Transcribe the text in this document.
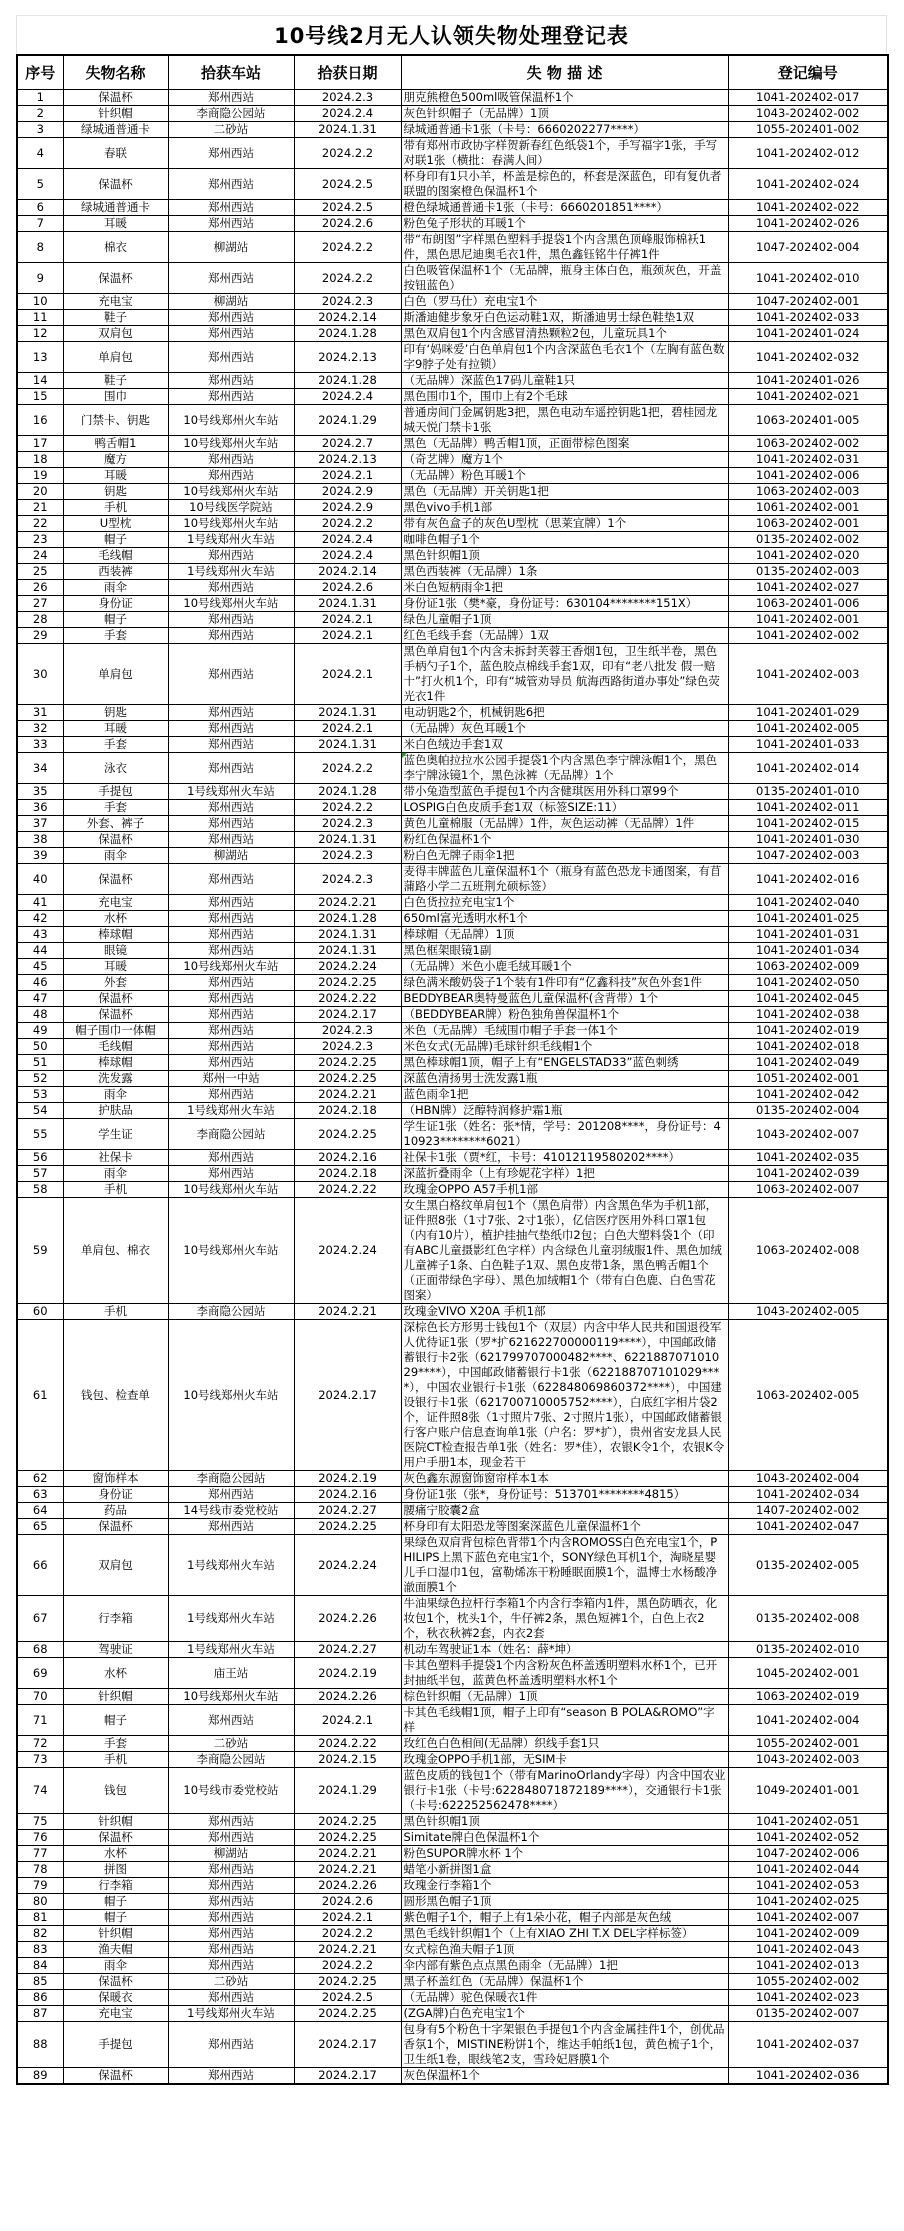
10号线2月无人认领失物处理登记表
序号	失物名称	拾获车站	拾获日期	失 物 描 述	登记编号
1	保温杯	郑州西站	2024.2.3	朋克熊橙色500ml吸管保温杯1个	1041-202402-017
2	针织帽	李商隐公园站	2024.2.4	灰色针织帽子（无品牌）1顶	1043-202402-002
3	绿城通普通卡	二砂站	2024.1.31	绿城通普通卡1张（卡号：6660202277****）	1055-202401-002
4	春联	郑州西站	2024.2.2	带有郑州市政协字样贺新春红色纸袋1个，手写福字1张，手写对联1张（横批：春满人间）	1041-202402-012
5	保温杯	郑州西站	2024.2.5	杯身印有1只小羊，杯盖是棕色的，杯套是深蓝色，印有复仇者联盟的图案橙色保温杯1个	1041-202402-024
6	绿城通普通卡	郑州西站	2024.2.5	橙色绿城通普通卡1张（卡号：6660201851****）	1041-202402-022
7	耳暖	郑州西站	2024.2.6	粉色兔子形状的耳暖1个	1041-202402-026
8	棉衣	柳湖站	2024.2.2	带“布朗图”字样黑色塑料手提袋1个内含黑色顶峰服饰棉袄1件，黑色思尼迪奥毛衣1件，黑色鑫钰铭牛仔裤1件	1047-202402-004
9	保温杯	郑州西站	2024.2.2	白色吸管保温杯1个（无品牌，瓶身主体白色，瓶颈灰色，开盖按钮蓝色）	1041-202402-010
10	充电宝	柳湖站	2024.2.3	白色（罗马仕）充电宝1个	1047-202402-001
11	鞋子	郑州西站	2024.2.14	斯潘迪健步象牙白色运动鞋1双，斯潘迪男士绿色鞋垫1双	1041-202402-033
12	双肩包	郑州西站	2024.1.28	黑色双肩包1个内含感冒清热颗粒2包，儿童玩具1个	1041-202401-024
13	单肩包	郑州西站	2024.2.13	印有‘妈咪爱’白色单肩包1个内含深蓝色毛衣1个（左胸有蓝色数字9脖子处有拉锁）	1041-202402-032
14	鞋子	郑州西站	2024.1.28	（无品牌）深蓝色17码儿童鞋1只	1041-202401-026
15	围巾	郑州西站	2024.2.4	黑色围巾1个，围巾上有2个毛球	1041-202402-021
16	门禁卡、钥匙	10号线郑州火车站	2024.1.29	普通房间门金属钥匙3把，黑色电动车遥控钥匙1把，碧桂园龙城天悦门禁卡1张	1063-202401-005
17	鸭舌帽1	10号线郑州火车站	2024.2.7	黑色（无品牌）鸭舌帽1顶，正面带棕色图案	1063-202402-002
18	魔方	郑州西站	2024.2.13	（奇艺牌）魔方1个	1041-202402-031
19	耳暖	郑州西站	2024.2.1	（无品牌）粉色耳暖1个	1041-202402-006
20	钥匙	10号线郑州火车站	2024.2.9	黑色（无品牌）开关钥匙1把	1063-202402-003
21	手机	10号线医学院站	2024.2.9	黑色vivo手机1部	1061-202402-001
22	U型枕	10号线郑州火车站	2024.2.2	带有灰色盒子的灰色U型枕（思莱宜牌）1个	1063-202402-001
23	帽子	1号线郑州火车站	2024.2.4	咖啡色帽子1个	0135-202402-002
24	毛线帽	郑州西站	2024.2.4	黑色针织帽1顶	1041-202402-020
25	西装裤	1号线郑州火车站	2024.2.14	黑色西装裤（无品牌）1条	0135-202402-003
26	雨伞	郑州西站	2024.2.6	米白色短柄雨伞1把	1041-202402-027
27	身份证	10号线郑州火车站	2024.1.31	身份证1张（樊*豪，身份证号：630104********151X）	1063-202401-006
28	帽子	郑州西站	2024.2.1	绿色儿童帽子1顶	1041-202402-001
29	手套	郑州西站	2024.2.1	红色毛线手套（无品牌）1双	1041-202402-002
30	单肩包	郑州西站	2024.2.1	黑色单肩包1个内含未拆封芙蓉王香烟1包，卫生纸半卷，黑色手柄勺子1个，蓝色胶点棉线手套1双，印有“老八批发 假一赔十”打火机1个，印有“城管劝导员 航海西路街道办事处”绿色荧光衣1件	1041-202402-003
31	钥匙	郑州西站	2024.1.31	电动钥匙2个，机械钥匙6把	1041-202401-029
32	耳暖	郑州西站	2024.2.1	（无品牌）灰色耳暖1个	1041-202402-005
33	手套	郑州西站	2024.1.31	米白色绒边手套1双	1041-202401-033
34	泳衣	郑州西站	2024.2.2	蓝色奥帕拉拉水公园手提袋1个内含黑色李宁牌泳帽1个，黑色李宁牌泳镜1个，黑色泳裤（无品牌）1个	1041-202402-014
35	手提包	1号线郑州火车站	2024.1.28	带小兔造型蓝色手提包1个内含健琪医用外科口罩99个	0135-202401-010
36	手套	郑州西站	2024.2.2	LOSPIG白色皮质手套1双（标签SIZE:11）	1041-202402-011
37	外套、裤子	郑州西站	2024.2.3	黄色儿童棉服（无品牌）1件，灰色运动裤（无品牌）1件	1041-202402-015
38	保温杯	郑州西站	2024.1.31	粉红色保温杯1个	1041-202401-030
39	雨伞	柳湖站	2024.2.3	粉白色无牌子雨伞1把	1047-202402-003
40	保温杯	郑州西站	2024.2.3	麦得丰牌蓝色儿童保温杯1个（瓶身有蓝色恐龙卡通图案，有苜蒲路小学二五班荆允硕标签）	1041-202402-016
41	充电宝	郑州西站	2024.2.21	白色货拉拉充电宝1个	1041-202402-040
42	水杯	郑州西站	2024.1.28	650ml富光透明水杯1个	1041-202401-025
43	棒球帽	郑州西站	2024.1.31	棒球帽（无品牌）1顶	1041-202401-031
44	眼镜	郑州西站	2024.1.31	黑色框架眼镜1副	1041-202401-034
45	耳暖	10号线郑州火车站	2024.2.24	（无品牌）米色小鹿毛绒耳暖1个	1063-202402-009
46	外套	郑州西站	2024.2.25	绿色满米酸奶袋子1个装有1件印有“亿鑫科技”灰色外套1件	1041-202402-050
47	保温杯	郑州西站	2024.2.22	BEDDYBEAR奥特曼蓝色儿童保温杯(含背带）1个	1041-202402-045
48	保温杯	郑州西站	2024.2.17	（BEDDYBEAR牌）粉色独角兽保温杯1个	1041-202402-038
49	帽子围巾一体帽	郑州西站	2024.2.3	米色（无品牌）毛绒围巾帽子手套一体1个	1041-202402-019
50	毛线帽	郑州西站	2024.2.3	米色女式(无品牌)毛球针织毛线帽1个	1041-202402-018
51	棒球帽	郑州西站	2024.2.25	黑色棒球帽1顶，帽子上有“ENGELSTAD33”蓝色刺绣	1041-202402-049
52	洗发露	郑州一中站	2024.2.25	深蓝色清扬男士洗发露1瓶	1051-202402-001
53	雨伞	郑州西站	2024.2.21	蓝色雨伞1把	1041-202402-042
54	护肤品	1号线郑州火车站	2024.2.18	（HBN牌）泛醇特润修护霜1瓶	0135-202402-004
55	学生证	李商隐公园站	2024.2.25	学生证1张（姓名：张*情，学号：201208****，身份证号：410923********6021）	1043-202402-007
56	社保卡	郑州西站	2024.2.16	社保卡1张（贾*红，卡号：41012119580202****）	1041-202402-035
57	雨伞	郑州西站	2024.2.18	深蓝折叠雨伞（上有珍妮花字样）1把	1041-202402-039
58	手机	10号线郑州火车站	2024.2.22	玫瑰金OPPO A57手机1部	1063-202402-007
59	单肩包、棉衣	10号线郑州火车站	2024.2.24	女生黑白格纹单肩包1个（黑色肩带）内含黑色华为手机1部，证件照8张（1寸7张、2寸1张），亿信医疗医用外科口罩1包（内有10片），植护挂抽气垫纸巾2包；白色大塑料袋1个（印有ABC儿童摄影红色字样）内含绿色儿童羽绒服1件、黑色加绒儿童裤子1条、白色鞋子1双、黑色皮带1条，黑色鸭舌帽1个（正面带绿色字母）、黑色加绒帽1个（带有白色鹿、白色雪花图案）	1063-202402-008
60	手机	李商隐公园站	2024.2.21	玫瑰金VIVO X20A 手机1部	1043-202402-005
61	钱包、检查单	10号线郑州火车站	2024.2.17	深棕色长方形男士钱包1个（双层）内含中华人民共和国退役军人优待证1张（罗*扩621622700000119****），中国邮政储蓄银行卡2张（621799707000482****、622188707101029****），中国邮政储蓄银行卡1张（622188707101029****），中国农业银行卡1张（622848069860372****），中国建设银行卡1张（621700710005752****），白底红字相片袋2个，证件照8张（1寸照片7张、2寸照片1张），中国邮政储蓄银行客户账户信息查询单1张（户名：罗*扩），贵州省安龙县人民医院CT检查报告单1张（姓名：罗*佳），农银K令1个，农银K令用户手册1本，现金若干	1063-202402-005
62	窗饰样本	李商隐公园站	2024.2.19	灰色鑫东源窗饰窗帘样本1本	1043-202402-004
63	身份证	郑州西站	2024.2.16	身份证1张（张*，身份证号：513701********4815）	1041-202402-034
64	药品	14号线市委党校站	2024.2.27	腰痛宁胶囊2盒	1407-202402-002
65	保温杯	郑州西站	2024.2.25	杯身印有太阳恐龙等图案深蓝色儿童保温杯1个	1041-202402-047
66	双肩包	1号线郑州火车站	2024.2.24	果绿色双肩背包棕色背带1个内含ROMOSS白色充电宝1个，PHILIPS上黑下蓝色充电宝1个，SONY绿色耳机1个，淘晓星婴儿手口湿巾1包，富勒烯冻干粉睡眠面膜1个，温博士水杨酸净澈面膜1个	0135-202402-005
67	行李箱	1号线郑州火车站	2024.2.26	牛油果绿色拉杆行李箱1个内含行李箱内1件，黑色防晒衣，化妆包1个，枕头1个，牛仔裤2条，黑色短裤1个，白色上衣2个，秋衣秋裤2套，内衣2套	0135-202402-008
68	驾驶证	1号线郑州火车站	2024.2.27	机动车驾驶证1本（姓名：薛*坤）	0135-202402-010
69	水杯	庙王站	2024.2.19	卡其色塑料手提袋1个内含粉灰色杯盖透明塑料水杯1个，已开封抽纸半包，蓝黄色杯盖透明塑料水杯1个	1045-202402-001
70	针织帽	10号线郑州火车站	2024.2.26	棕色针织帽（无品牌）1顶	1063-202402-019
71	帽子	郑州西站	2024.2.1	卡其色毛线帽1顶，帽子上印有“season B POLA&ROMO”字样	1041-202402-004
72	手套	二砂站	2024.2.22	玫红色白色相间(无品牌）织线手套1只	1055-202402-001
73	手机	李商隐公园站	2024.2.15	玫瑰金OPPO手机1部，无SIM卡	1043-202402-003
74	钱包	10号线市委党校站	2024.1.29	蓝色皮质的钱包1个（带有MarinoOrlandy字母）内含中国农业银行卡1张（卡号:622848071872189****），交通银行卡1张（卡号:622252562478****）	1049-202401-001
75	针织帽	郑州西站	2024.2.25	黑色针织帽1顶	1041-202402-051
76	保温杯	郑州西站	2024.2.25	Simitate牌白色保温杯1个	1041-202402-052
77	水杯	柳湖站	2024.2.21	粉色SUPOR牌水杯 1个	1047-202402-006
78	拼图	郑州西站	2024.2.21	蜡笔小新拼图1盒	1041-202402-044
79	行李箱	郑州西站	2024.2.26	玫瑰金行李箱1个	1041-202402-053
80	帽子	郑州西站	2024.2.6	圆形黑色帽子1顶	1041-202402-025
81	帽子	郑州西站	2024.2.1	紫色帽子1个，帽子上有1朵小花，帽子内部是灰色绒	1041-202402-007
82	针织帽	郑州西站	2024.2.2	黑色毛线针织帽1个（上有XIAO ZHI T.X DEL字样标签）	1041-202402-009
83	渔夫帽	郑州西站	2024.2.21	女式棕色渔夫帽子1顶	1041-202402-043
84	雨伞	郑州西站	2024.2.2	伞内部有紫色点点黑色雨伞（无品牌）1把	1041-202402-013
85	保温杯	二砂站	2024.2.25	黑子杯盖红色（无品牌）保温杯1个	1055-202402-002
86	保暖衣	郑州西站	2024.2.5	（无品牌）驼色保暖衣1件	1041-202402-023
87	充电宝	1号线郑州火车站	2024.2.25	(ZGA牌)白色充电宝1个	0135-202402-007
88	手提包	郑州西站	2024.2.17	包身有5个粉色十字架银色手提包1个内含金属挂件1个，创优品香氛1个，MISTINE粉饼1个，维达手帕纸1包，黄色梳子1个，卫生纸1卷，眼线笔2支，雪玲妃唇膜1个	1041-202402-037
89	保温杯	郑州西站	2024.2.17	灰色保温杯1个	1041-202402-036
